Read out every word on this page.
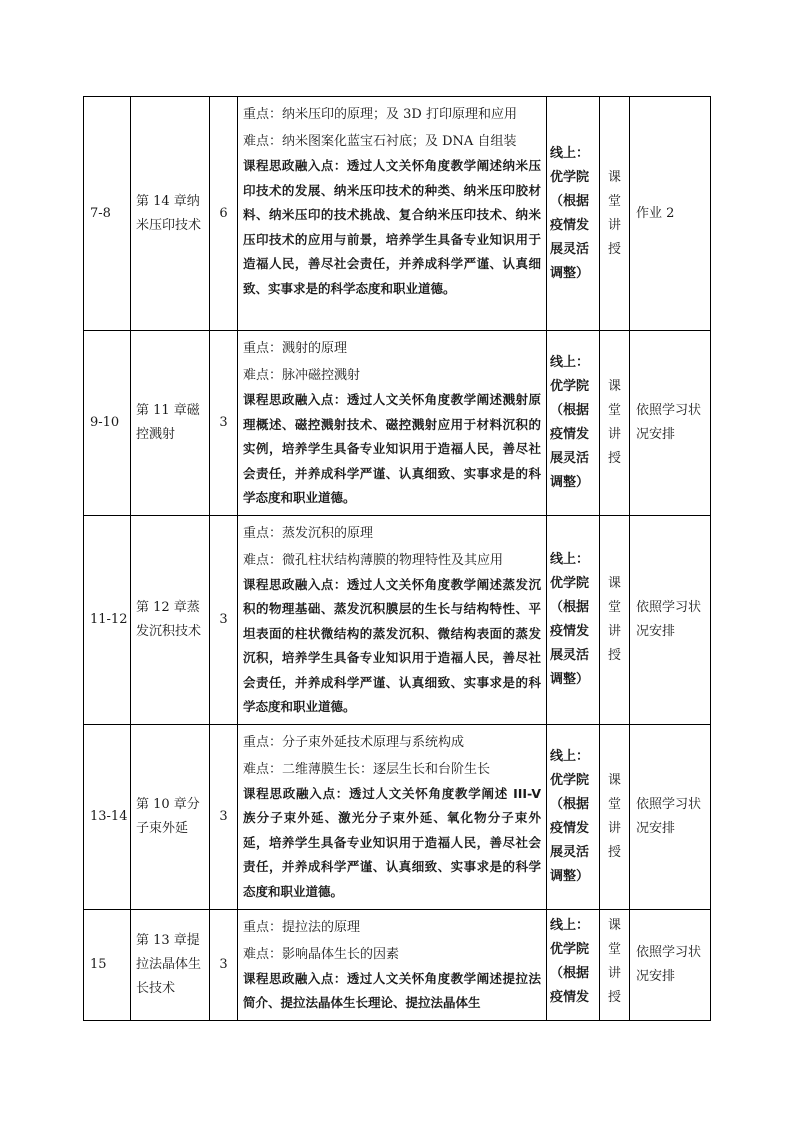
7-8	第 14 章纳米压印技术	6	重点：纳米压印的原理；及 3D 打印原理和应用
难点：纳米图案化蓝宝石衬底；及 DNA 自组装
课程思政融入点：透过人文关怀角度教学阐述纳米压印技术的发展、纳米压印技术的种类、纳米压印胶材料、纳米压印的技术挑战、复合纳米压印技术、纳米压印技术的应用与前景，培养学生具备专业知识用于造福人民，善尽社会责任，并养成科学严谨、认真细致、实事求是的科学态度和职业道德。	线上：优学院（根据疫情发展灵活调整）	课堂讲授	作业 2
9-10	第 11 章磁控溅射	3	重点：溅射的原理
难点：脉冲磁控溅射
课程思政融入点：透过人文关怀角度教学阐述溅射原理概述、磁控溅射技术、磁控溅射应用于材料沉积的实例，培养学生具备专业知识用于造福人民，善尽社会责任，并养成科学严谨、认真细致、实事求是的科学态度和职业道德。	线上：优学院（根据疫情发展灵活调整）	课堂讲授	依照学习状况安排
11-12	第 12 章蒸发沉积技术	3	重点：蒸发沉积的原理
难点：微孔柱状结构薄膜的物理特性及其应用
课程思政融入点：透过人文关怀角度教学阐述蒸发沉积的物理基础、蒸发沉积膜层的生长与结构特性、平坦表面的柱状微结构的蒸发沉积、微结构表面的蒸发沉积，培养学生具备专业知识用于造福人民，善尽社会责任，并养成科学严谨、认真细致、实事求是的科学态度和职业道德。	线上：优学院（根据疫情发展灵活调整）	课堂讲授	依照学习状况安排
13-14	第 10 章分子束外延	3	重点：分子束外延技术原理与系统构成
难点：二维薄膜生长：逐层生长和台阶生长
课程思政融入点：透过人文关怀角度教学阐述 III-V 族分子束外延、激光分子束外延、氧化物分子束外延，培养学生具备专业知识用于造福人民，善尽社会责任，并养成科学严谨、认真细致、实事求是的科学态度和职业道德。	线上：优学院（根据疫情发展灵活调整）	课堂讲授	依照学习状况安排
15	第 13 章提拉法晶体生长技术	3	重点：提拉法的原理
难点：影响晶体生长的因素
课程思政融入点：透过人文关怀角度教学阐述提拉法简介、提拉法晶体生长理论、提拉法晶体生	线上：优学院（根据疫情发	课堂讲授	依照学习状况安排
